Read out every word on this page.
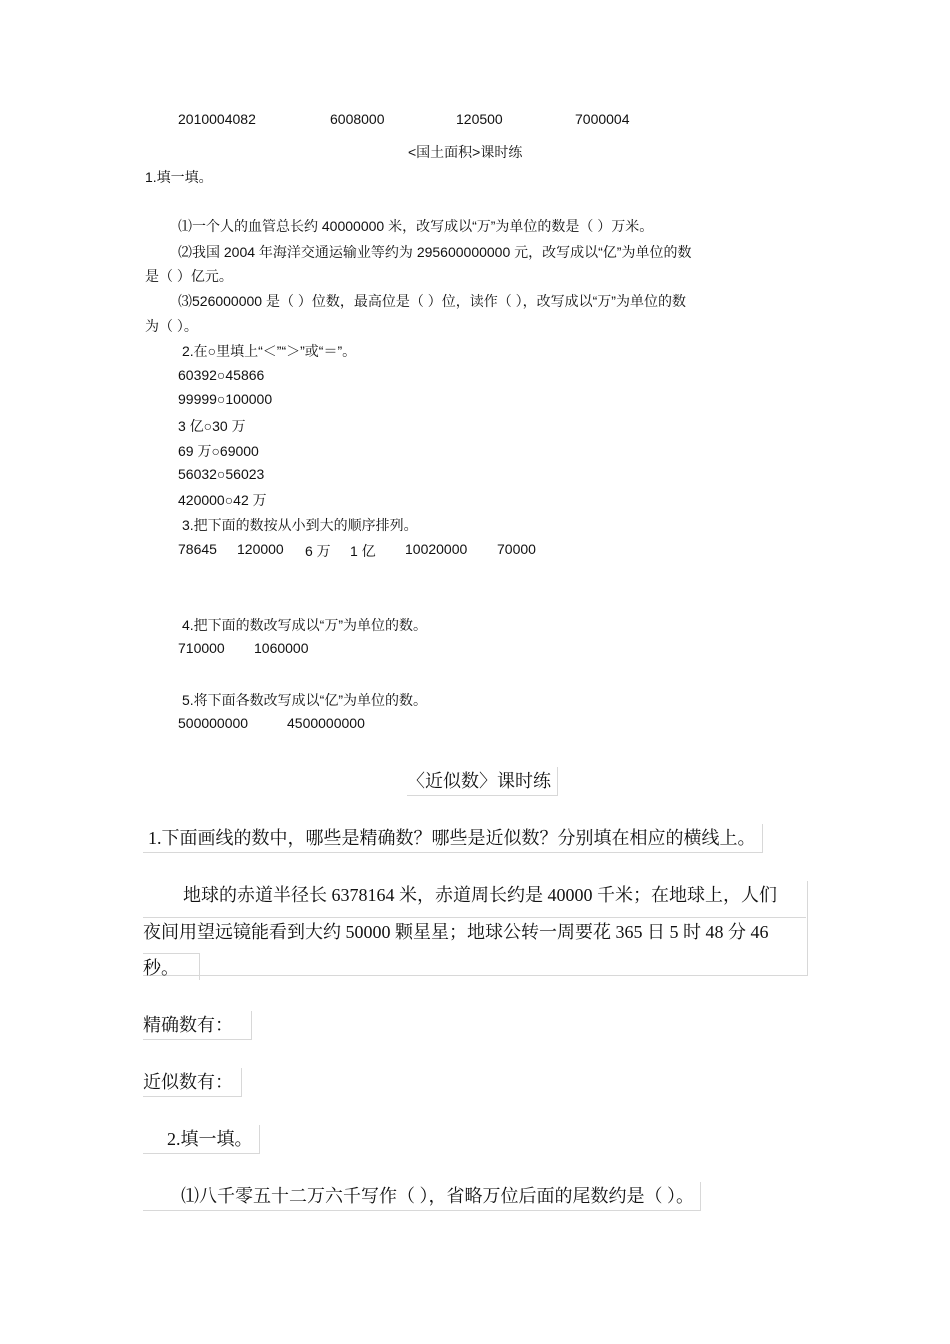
2010004082	6008000	120500	7000004
<国土面积>课时练
1.填一填。
⑴一个人的血管总长约 40000000 米，改写成以“万”为单位的数是（ ）万米。
⑵我国 2004 年海洋交通运输业等约为 295600000000 元，改写成以“亿”为单位的数
是（ ）亿元。
⑶526000000 是（ ）位数，最高位是（ ）位，读作（ ），改写成以“万”为单位的数
为（ ）。
2.在○里填上“＜”“＞”或“＝”。
60392○45866
99999○100000
3 亿○30 万
69 万○69000
56032○56023
420000○42 万
3.把下面的数按从小到大的顺序排列。
78645 120000 6 万 1 亿 10020000 70000
4.把下面的数改写成以“万”为单位的数。
710000 1060000
5.将下面各数改写成以“亿”为单位的数。
500000000	4500000000
〈近似数〉课时练
1.下面画线的数中，哪些是精确数？哪些是近似数？分别填在相应的横线上。
地球的赤道半径长 6378164 米，赤道周长约是 40000 千米；在地球上，人们
夜间用望远镜能看到大约 50000 颗星星；地球公转一周要花 365 日 5 时 48 分 46
秒。
精确数有：
近似数有：
2.填一填。
⑴八千零五十二万六千写作（ ），省略万位后面的尾数约是（ ）。
